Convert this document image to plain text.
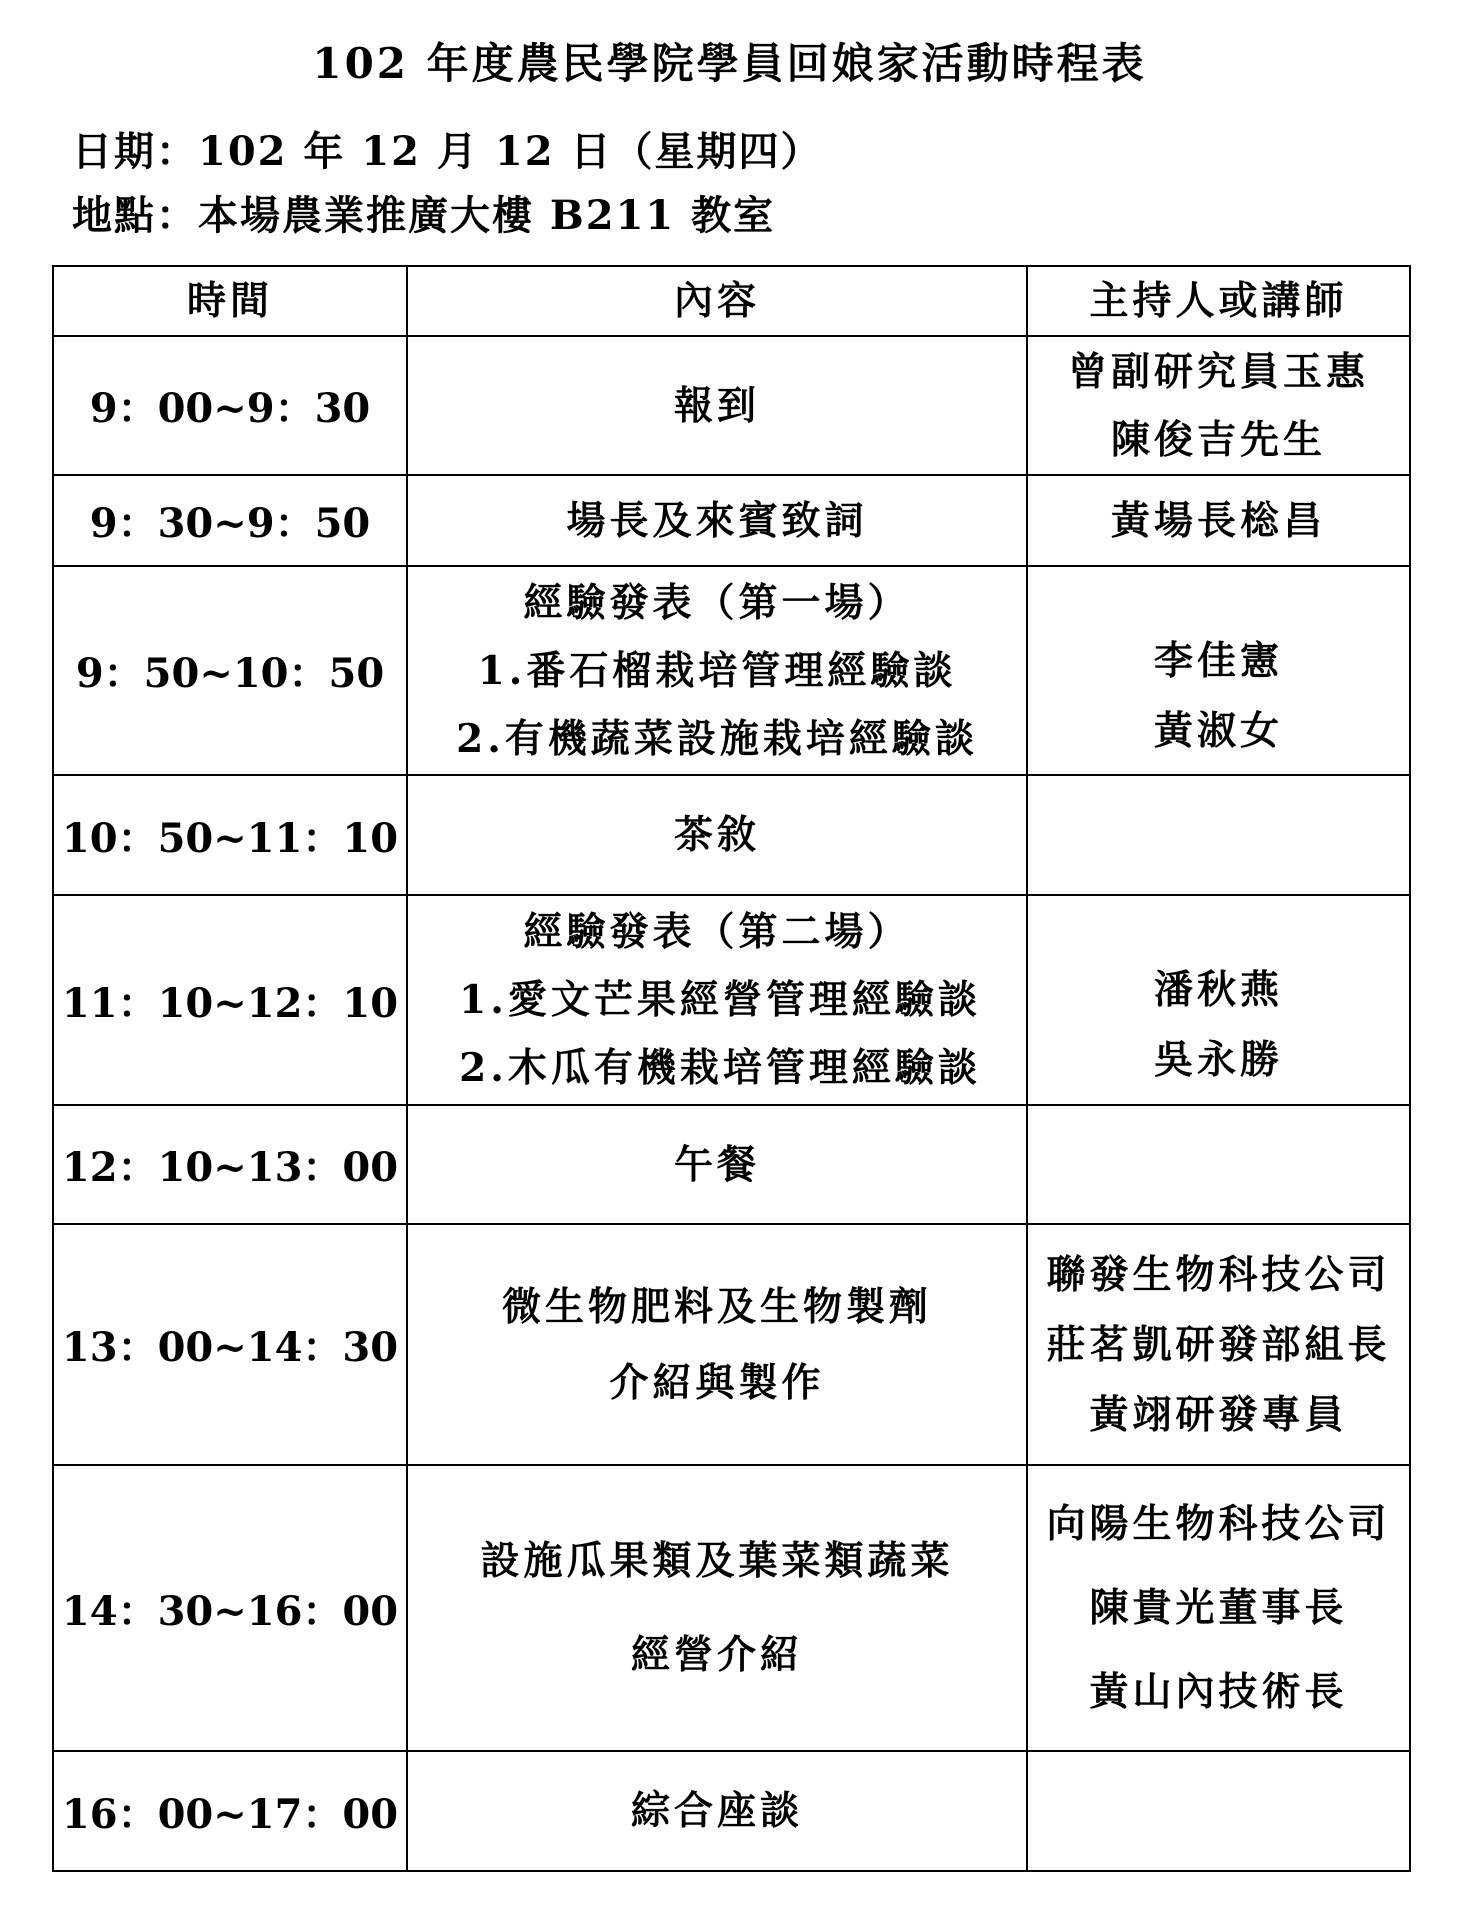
102 年度農民學院學員回娘家活動時程表
日期：102 年 12 月 12 日（星期四）
地點：本場農業推廣大樓 B211 教室
時間	內容	主持人或講師
9：00~9：30	報到	曾副研究員玉惠
陳俊吉先生

9：30~9：50	場長及來賓致詞	黃場長棇昌

9：50~10：50	經驗發表（第一場）
1.番石榴栽培管理經驗談
2.有機蔬菜設施栽培經驗談	李佳憲
黃淑女

10：50~11：10	茶敘	

11：10~12：10	經驗發表（第二場）
1.愛文芒果經營管理經驗談
2.木瓜有機栽培管理經驗談	潘秋燕
吳永勝

12：10~13：00	午餐	

13：00~14：30	微生物肥料及生物製劑
介紹與製作	聯發生物科技公司
莊茗凱研發部組長
黃翊研發專員

14：30~16：00	設施瓜果類及葉菜類蔬菜
經營介紹	向陽生物科技公司
陳貴光董事長
黃山內技術長

16：00~17：00	綜合座談	
